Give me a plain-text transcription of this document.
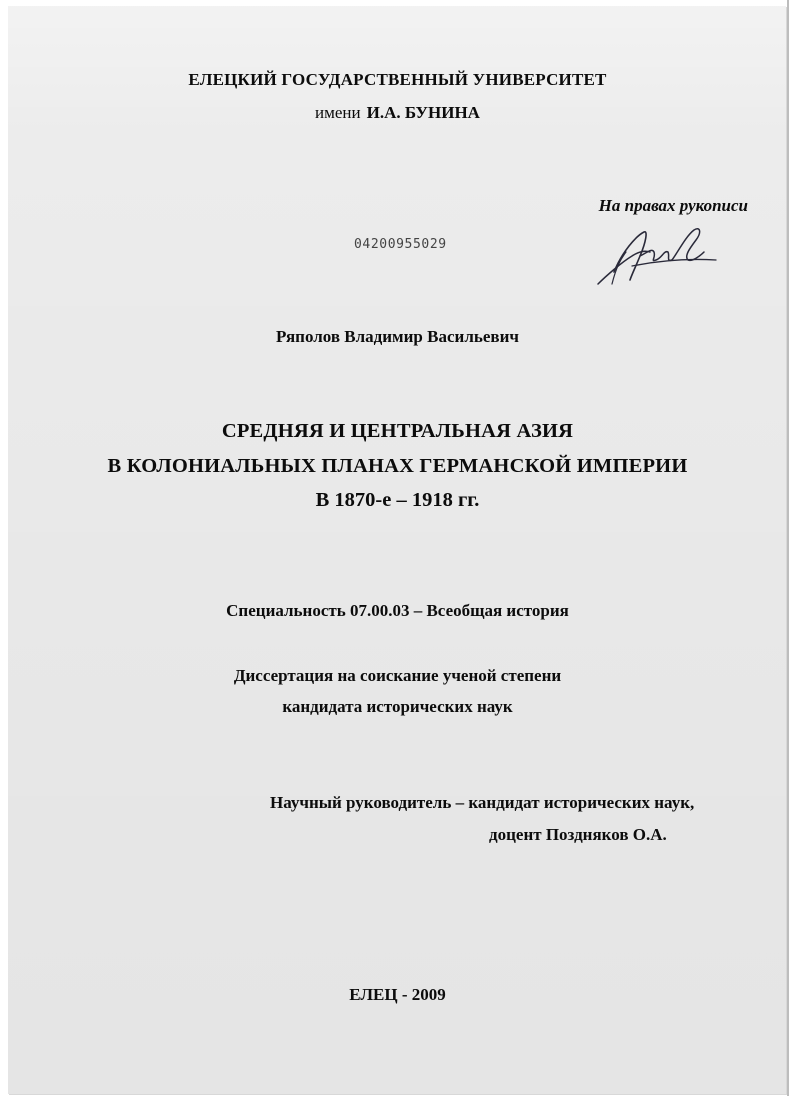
ЕЛЕЦКИЙ ГОСУДАРСТВЕННЫЙ УНИВЕРСИТЕТ
имени И.А. БУНИНА
На правах рукописи
04200955029
Ряполов Владимир Васильевич
СРЕДНЯЯ И ЦЕНТРАЛЬНАЯ АЗИЯ
В КОЛОНИАЛЬНЫХ ПЛАНАХ ГЕРМАНСКОЙ ИМПЕРИИ
В 1870-е – 1918 гг.
Специальность 07.00.03 – Всеобщая история
Диссертация на соискание ученой степени
кандидата исторических наук
Научный руководитель – кандидат исторических наук,
доцент Поздняков О.А.
ЕЛЕЦ - 2009
